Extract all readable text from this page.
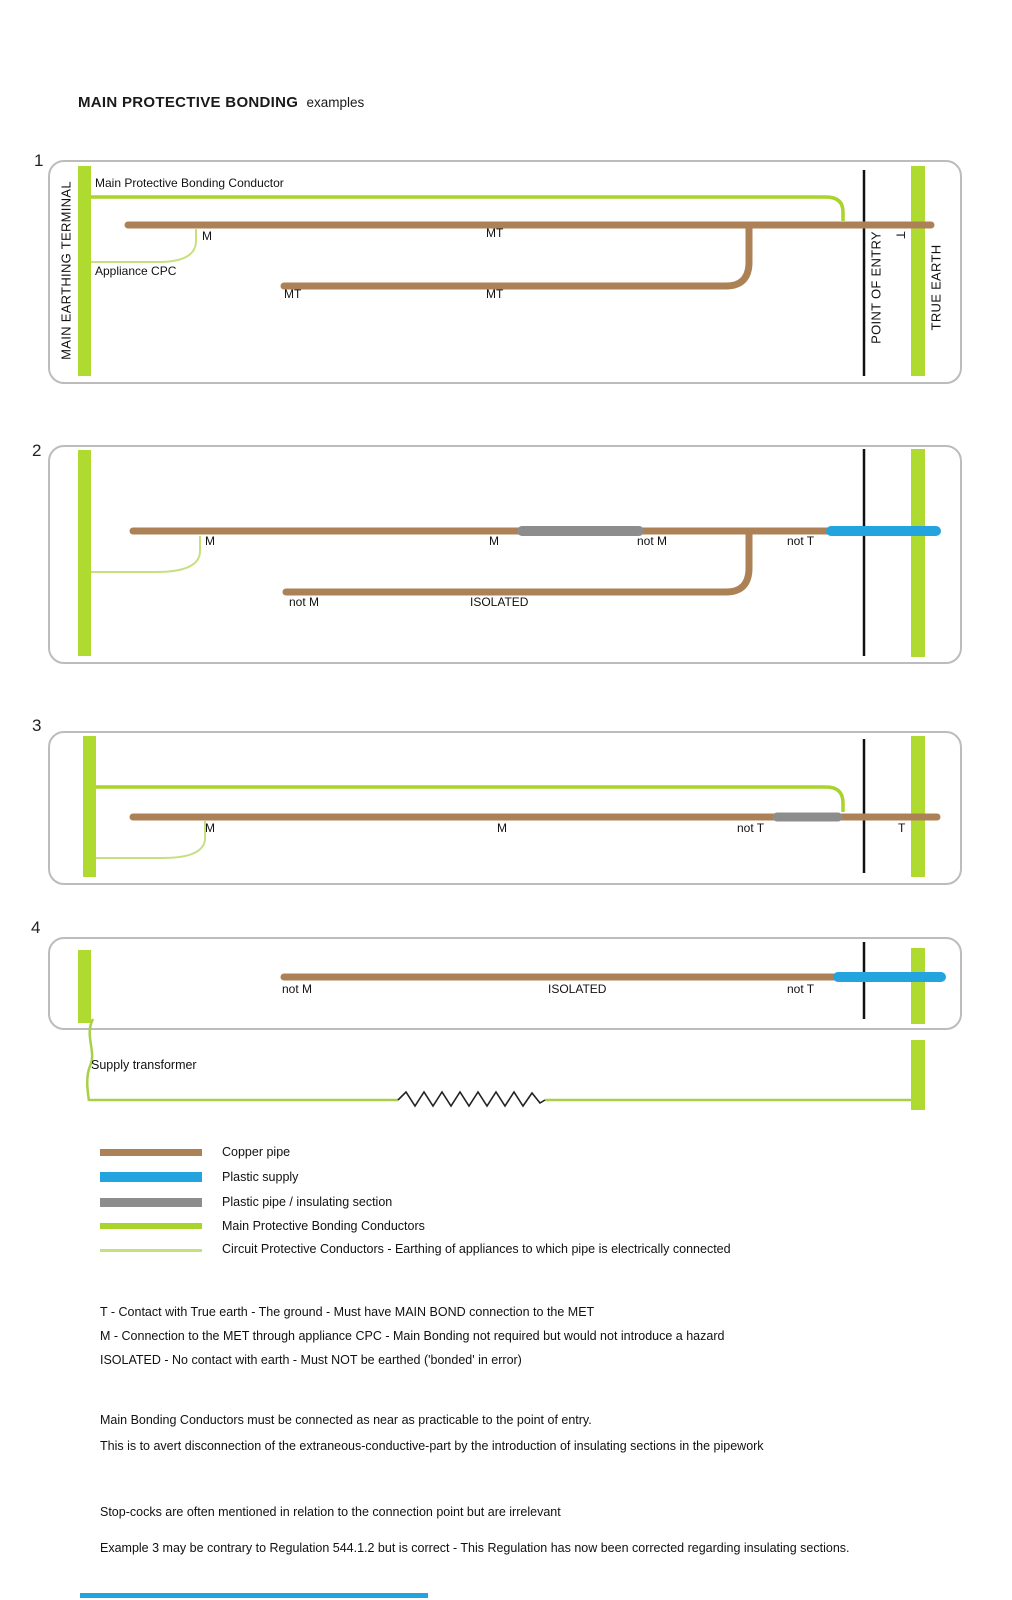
MAIN PROTECTIVE BONDING examples
1
2
3
4
MAIN EARTHING TERMINAL	POINT OF ENTRY	TRUE EARTH
Main Protective Bonding Conductor
Appliance CPC
M	MT
MT	MT
T
M	M	not M	not T
not M	ISOLATED
M	M	not T	T
not M	ISOLATED	not T
Supply transformer
Copper pipe
Plastic supply
Plastic pipe / insulating section
Main Protective Bonding Conductors
Circuit Protective Conductors - Earthing of appliances to which pipe is electrically connected
T - Contact with True earth - The ground - Must have MAIN BOND connection to the MET
M - Connection to the MET through appliance CPC - Main Bonding not required but would not introduce a hazard
ISOLATED - No contact with earth - Must NOT be earthed ('bonded' in error)
Main Bonding Conductors must be connected as near as practicable to the point of entry.
This is to avert disconnection of the extraneous-conductive-part by the introduction of insulating sections in the pipework
Stop-cocks are often mentioned in relation to the connection point but are irrelevant
Example 3 may be contrary to Regulation 544.1.2 but is correct - This Regulation has now been corrected regarding insulating sections.
